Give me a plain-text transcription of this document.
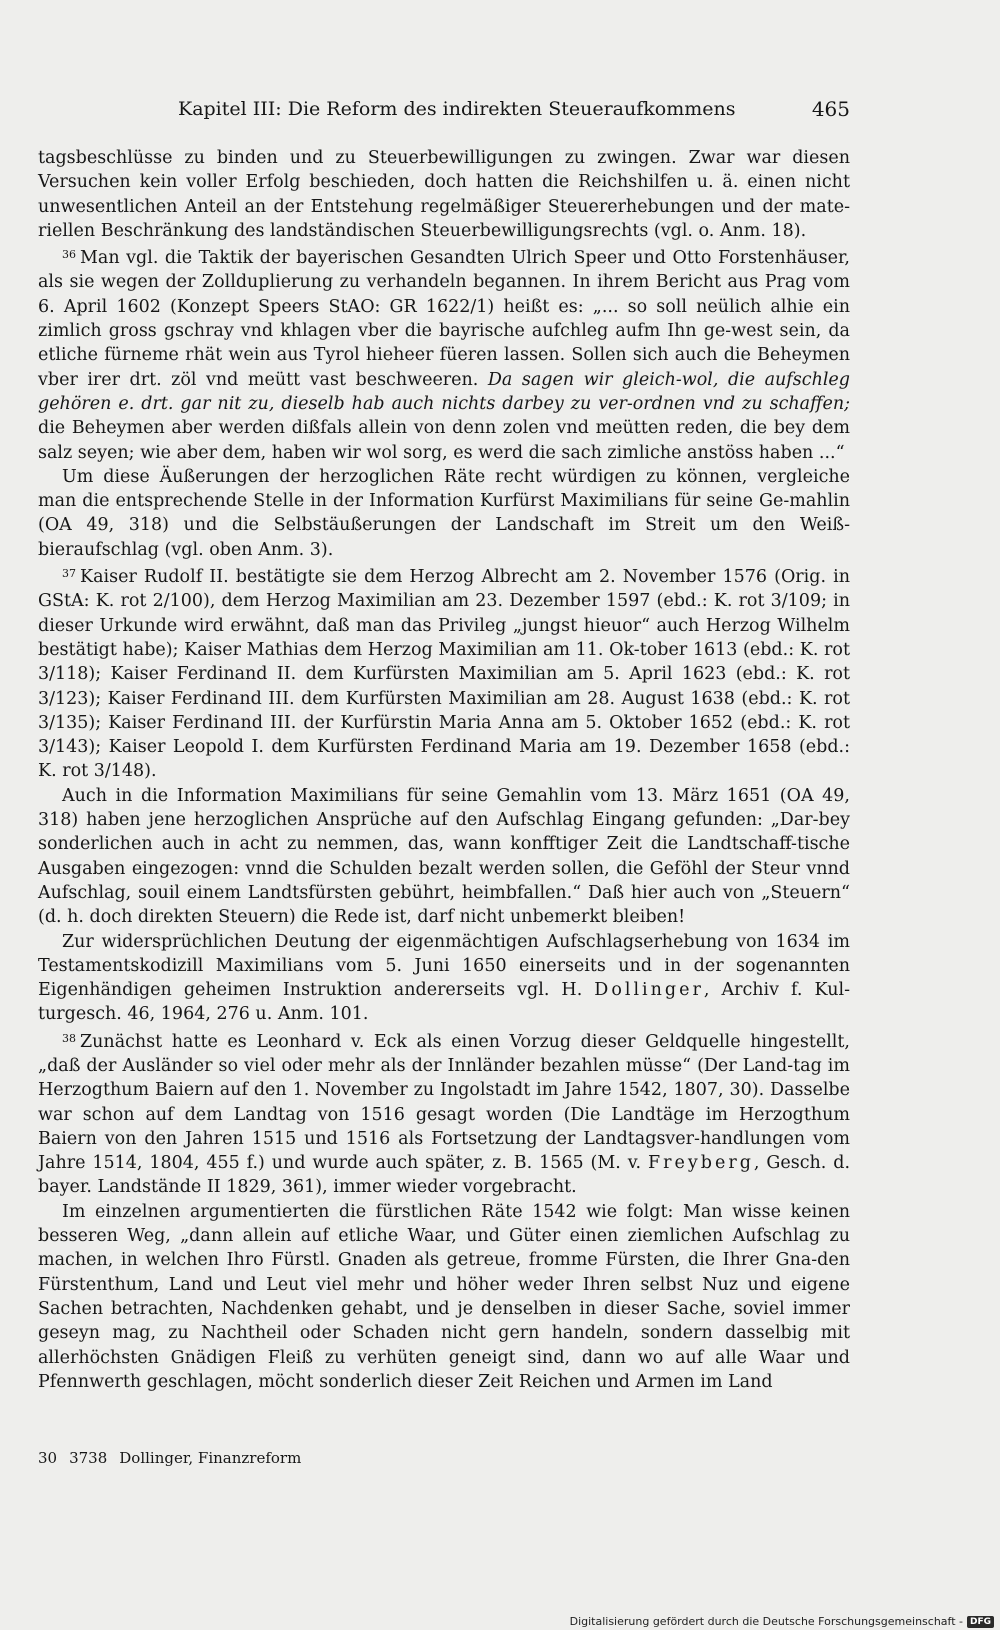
Kapitel III: Die Reform des indirekten Steueraufkommens	465

tagsbeschlüsse zu binden und zu Steuerbewilligungen zu zwingen. Zwar war diesen Versuchen kein voller Erfolg beschieden, doch hatten die Reichshilfen u. ä. einen nicht unwesentlichen Anteil an der Entstehung regelmäßiger Steuererhebungen und der mate-riellen Beschränkung des landständischen Steuerbewilligungsrechts (vgl. o. Anm. 18).

$^{36}$ Man vgl. die Taktik der bayerischen Gesandten Ulrich Speer und Otto Forstenhäuser, als sie wegen der Zollduplierung zu verhandeln begannen. In ihrem Bericht aus Prag vom 6. April 1602 (Konzept Speers StAO: GR 1622/1) heißt es: „... so soll neülich alhie ein zimlich gross gschray vnd khlagen vber die bayrische aufchleg aufm Ihn ge-west sein, da etliche fürneme rhät wein aus Tyrol hieheer füeren lassen. Sollen sich auch die Beheymen vber irer drt. zöl vnd meütt vast beschweeren. Da sagen wir gleich-wol, die aufschleg gehören e. drt. gar nit zu, dieselb hab auch nichts darbey zu ver-ordnen vnd zu schaffen; die Beheymen aber werden dißfals allein von denn zolen vnd meütten reden, die bey dem salz seyen; wie aber dem, haben wir wol sorg, es werd die sach zimliche anstöss haben ...“

Um diese Äußerungen der herzoglichen Räte recht würdigen zu können, vergleiche man die entsprechende Stelle in der Information Kurfürst Maximilians für seine Ge-mahlin (OA 49, 318) und die Selbstäußerungen der Landschaft im Streit um den Weiß-bieraufschlag (vgl. oben Anm. 3).

$^{37}$ Kaiser Rudolf II. bestätigte sie dem Herzog Albrecht am 2. November 1576 (Orig. in GStA: K. rot 2/100), dem Herzog Maximilian am 23. Dezember 1597 (ebd.: K. rot 3/109; in dieser Urkunde wird erwähnt, daß man das Privileg „jungst hieuor“ auch Herzog Wilhelm bestätigt habe); Kaiser Mathias dem Herzog Maximilian am 11. Ok-tober 1613 (ebd.: K. rot 3/118); Kaiser Ferdinand II. dem Kurfürsten Maximilian am 5. April 1623 (ebd.: K. rot 3/123); Kaiser Ferdinand III. dem Kurfürsten Maximilian am 28. August 1638 (ebd.: K. rot 3/135); Kaiser Ferdinand III. der Kurfürstin Maria Anna am 5. Oktober 1652 (ebd.: K. rot 3/143); Kaiser Leopold I. dem Kurfürsten Ferdinand Maria am 19. Dezember 1658 (ebd.: K. rot 3/148).

Auch in die Information Maximilians für seine Gemahlin vom 13. März 1651 (OA 49, 318) haben jene herzoglichen Ansprüche auf den Aufschlag Eingang gefunden: „Dar-bey sonderlichen auch in acht zu nemmen, das, wann konfftiger Zeit die Landtschaff-tische Ausgaben eingezogen: vnnd die Schulden bezalt werden sollen, die Geföhl der Steur vnnd Aufschlag, souil einem Landtsfürsten gebührt, heimbfallen.“ Daß hier auch von „Steuern“ (d. h. doch direkten Steuern) die Rede ist, darf nicht unbemerkt bleiben!

Zur widersprüchlichen Deutung der eigenmächtigen Aufschlagserhebung von 1634 im Testamentskodizill Maximilians vom 5. Juni 1650 einerseits und in der sogenannten Eigenhändigen geheimen Instruktion andererseits vgl. H. Dollinger, Archiv f. Kul-turgesch. 46, 1964, 276 u. Anm. 101.

$^{38}$ Zunächst hatte es Leonhard v. Eck als einen Vorzug dieser Geldquelle hingestellt, „daß der Ausländer so viel oder mehr als der Innländer bezahlen müsse“ (Der Land-tag im Herzogthum Baiern auf den 1. November zu Ingolstadt im Jahre 1542, 1807, 30). Dasselbe war schon auf dem Landtag von 1516 gesagt worden (Die Landtäge im Herzogthum Baiern von den Jahren 1515 und 1516 als Fortsetzung der Landtagsver-handlungen vom Jahre 1514, 1804, 455 f.) und wurde auch später, z. B. 1565 (M. v. Freyberg, Gesch. d. bayer. Landstände II 1829, 361), immer wieder vorgebracht.

Im einzelnen argumentierten die fürstlichen Räte 1542 wie folgt: Man wisse keinen besseren Weg, „dann allein auf etliche Waar, und Güter einen ziemlichen Aufschlag zu machen, in welchen Ihro Fürstl. Gnaden als getreue, fromme Fürsten, die Ihrer Gna-den Fürstenthum, Land und Leut viel mehr und höher weder Ihren selbst Nuz und eigene Sachen betrachten, Nachdenken gehabt, und je denselben in dieser Sache, soviel immer geseyn mag, zu Nachtheil oder Schaden nicht gern handeln, sondern dasselbig mit allerhöchsten Gnädigen Fleiß zu verhüten geneigt sind, dann wo auf alle Waar und Pfennwerth geschlagen, möcht sonderlich dieser Zeit Reichen und Armen im Land

30 3738 Dollinger, Finanzreform
Digitalisierung gefördert durch die Deutsche Forschungsgemeinschaft - DFG
